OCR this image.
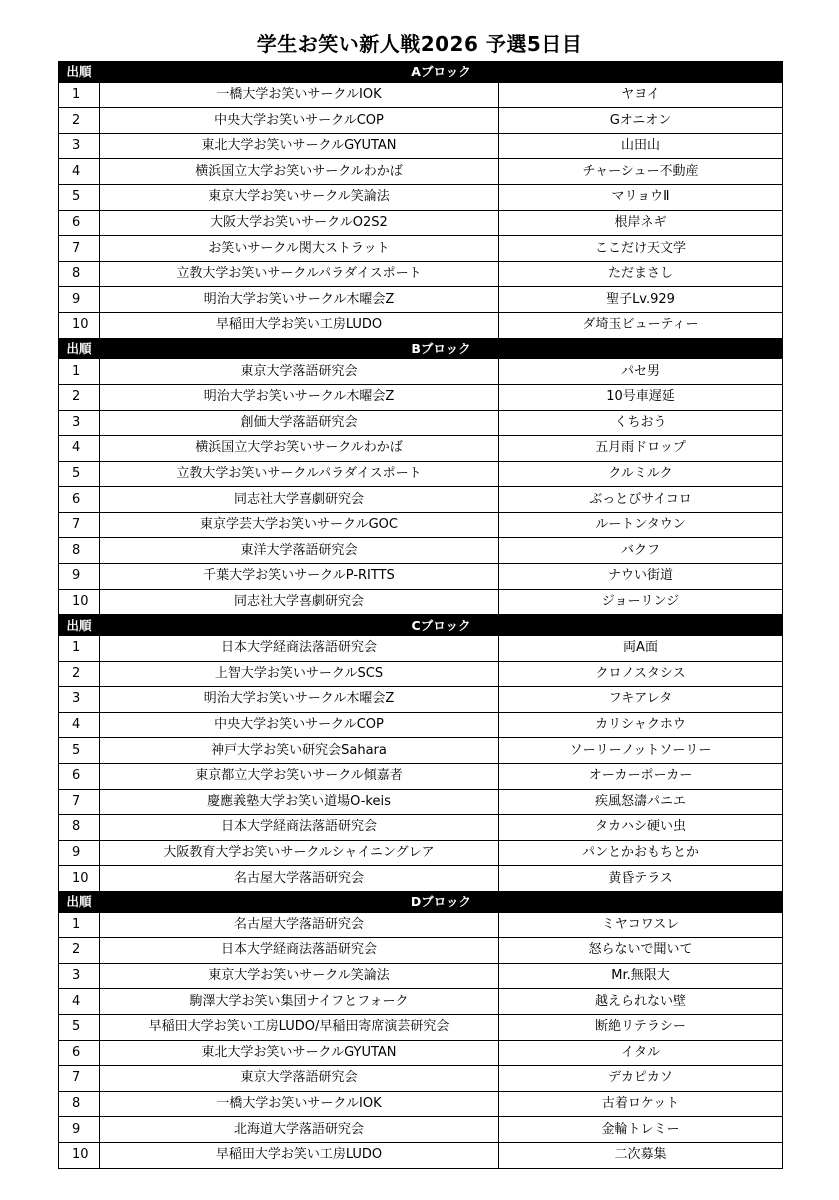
学生お笑い新人戦2026 予選5日目
出順	Aブロック	
1	一橋大学お笑いサークルIOK	ヤヨイ
2	中央大学お笑いサークルCOP	Gオニオン
3	東北大学お笑いサークルGYUTAN	山田山
4	横浜国立大学お笑いサークルわかば	チャーシュー不動産
5	東京大学お笑いサークル笑論法	マリョウⅡ
6	大阪大学お笑いサークルO2S2	根岸ネギ
7	お笑いサークル関大ストラット	ここだけ天文学
8	立教大学お笑いサークルパラダイスポート	ただまさし
9	明治大学お笑いサークル木曜会Z	聖子Lv.929
10	早稲田大学お笑い工房LUDO	ダ埼玉ビューティー
出順	Bブロック	
1	東京大学落語研究会	パセ男
2	明治大学お笑いサークル木曜会Z	10号車遅延
3	創価大学落語研究会	くちおう
4	横浜国立大学お笑いサークルわかば	五月雨ドロップ
5	立教大学お笑いサークルパラダイスポート	クルミルク
6	同志社大学喜劇研究会	ぶっとびサイコロ
7	東京学芸大学お笑いサークルGOC	ルートンタウン
8	東洋大学落語研究会	バクフ
9	千葉大学お笑いサークルP-RITTS	ナウい街道
10	同志社大学喜劇研究会	ジョーリンジ
出順	Cブロック	
1	日本大学経商法落語研究会	両A面
2	上智大学お笑いサークルSCS	クロノスタシス
3	明治大学お笑いサークル木曜会Z	フキアレタ
4	中央大学お笑いサークルCOP	カリシャクホウ
5	神戸大学お笑い研究会Sahara	ソーリーノットソーリー
6	東京都立大学お笑いサークル傾嘉者	オーカーポーカー
7	慶應義塾大学お笑い道場O-keis	疾風怒濤パニエ
8	日本大学経商法落語研究会	タカハシ硬い虫
9	大阪教育大学お笑いサークルシャイニングレア	パンとかおもちとか
10	名古屋大学落語研究会	黄昏テラス
出順	Dブロック	
1	名古屋大学落語研究会	ミヤコワスレ
2	日本大学経商法落語研究会	怒らないで聞いて
3	東京大学お笑いサークル笑論法	Mr.無限大
4	駒澤大学お笑い集団ナイフとフォーク	越えられない壁
5	早稲田大学お笑い工房LUDO/早稲田寄席演芸研究会	断絶リテラシー
6	東北大学お笑いサークルGYUTAN	イタル
7	東京大学落語研究会	デカピカソ
8	一橋大学お笑いサークルIOK	古着ロケット
9	北海道大学落語研究会	金輪トレミー
10	早稲田大学お笑い工房LUDO	二次募集
